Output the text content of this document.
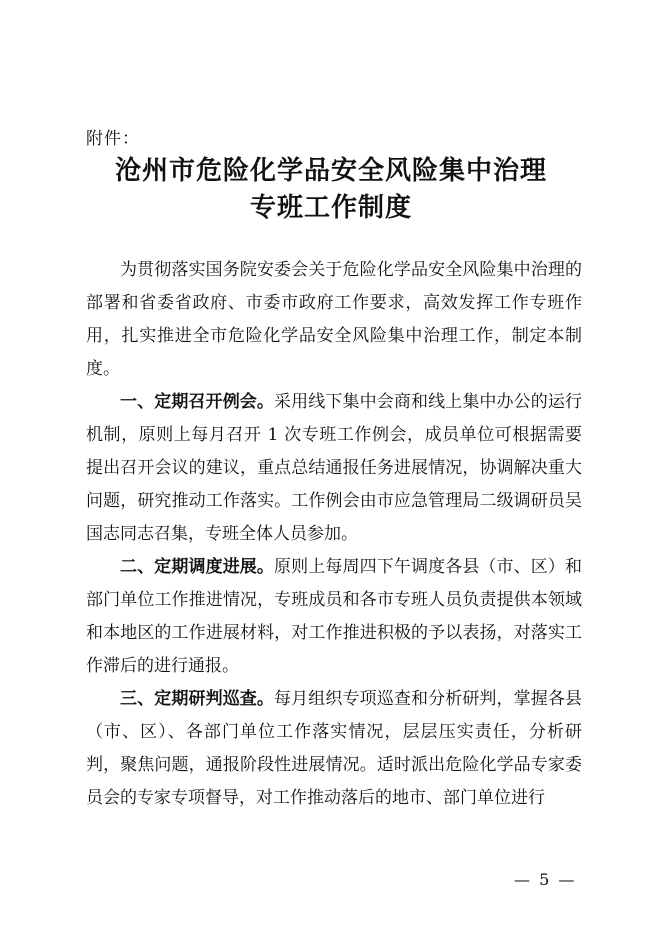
附件：
沧州市危险化学品安全风险集中治理
专班工作制度

为贯彻落实国务院安委会关于危险化学品安全风险集中治理的部署和省委省政府、市委市政府工作要求，高效发挥工作专班作用，扎实推进全市危险化学品安全风险集中治理工作，制定本制度。

一、定期召开例会。采用线下集中会商和线上集中办公的运行机制，原则上每月召开 1 次专班工作例会，成员单位可根据需要提出召开会议的建议，重点总结通报任务进展情况，协调解决重大问题，研究推动工作落实。工作例会由市应急管理局二级调研员吴国志同志召集，专班全体人员参加。

二、定期调度进展。原则上每周四下午调度各县（市、区）和部门单位工作推进情况，专班成员和各市专班人员负责提供本领域和本地区的工作进展材料，对工作推进积极的予以表扬，对落实工作滞后的进行通报。

三、定期研判巡查。每月组织专项巡查和分析研判，掌握各县（市、区）、各部门单位工作落实情况，层层压实责任，分析研判，聚焦问题，通报阶段性进展情况。适时派出危险化学品专家委员会的专家专项督导，对工作推动落后的地市、部门单位进行

— 5 —
